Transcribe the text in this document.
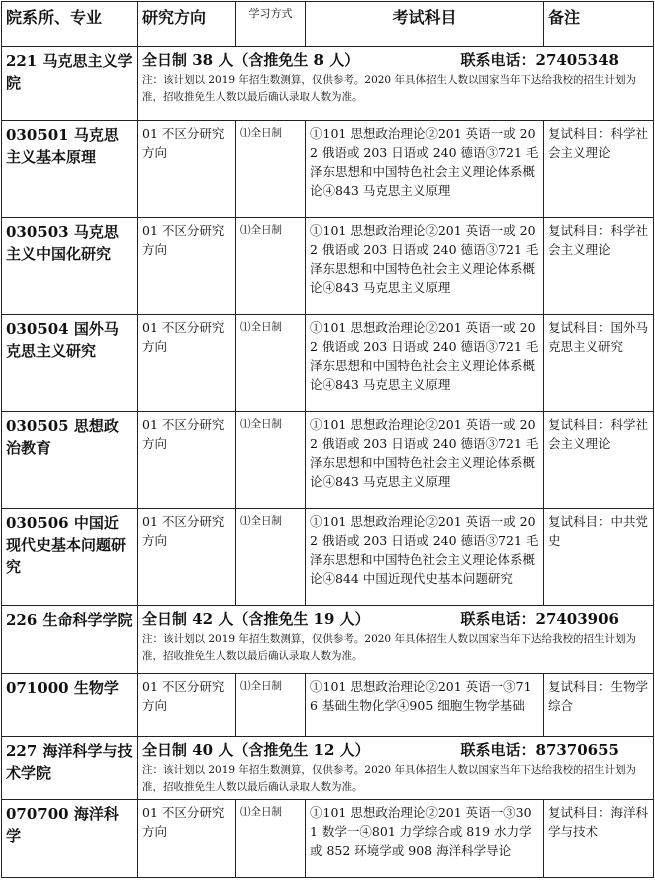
院系所、专业	研究方向	学习方式	考试科目	备注
221 马克思主义学院	全日制 38 人（含推免生 8 人） 联系电话：27405348
注：该计划以 2019 年招生数测算，仅供参考。2020 年具体招生人数以国家当年下达给我校的招生计划为准，招收推免生人数以最后确认录取人数为准。			

030501 马克思主义基本原理	01 不区分研究方向	⑴全日制	①101 思想政治理论②201 英语一或 202 俄语或 203 日语或 240 德语③721 毛泽东思想和中国特色社会主义理论体系概论④843 马克思主义原理	复试科目：科学社会主义理论
030503 马克思主义中国化研究	01 不区分研究方向	⑴全日制	①101 思想政治理论②201 英语一或 202 俄语或 203 日语或 240 德语③721 毛泽东思想和中国特色社会主义理论体系概论④843 马克思主义原理	复试科目：科学社会主义理论
030504 国外马克思主义研究	01 不区分研究方向	⑴全日制	①101 思想政治理论②201 英语一或 202 俄语或 203 日语或 240 德语③721 毛泽东思想和中国特色社会主义理论体系概论④843 马克思主义原理	复试科目：国外马克思主义研究
030505 思想政治教育	01 不区分研究方向	⑴全日制	①101 思想政治理论②201 英语一或 202 俄语或 203 日语或 240 德语③721 毛泽东思想和中国特色社会主义理论体系概论④843 马克思主义原理	复试科目：科学社会主义理论
030506 中国近现代史基本问题研究	01 不区分研究方向	⑴全日制	①101 思想政治理论②201 英语一或 202 俄语或 203 日语或 240 德语③721 毛泽东思想和中国特色社会主义理论体系概论④844 中国近现代史基本问题研究	复试科目：中共党史
226 生命科学学院	全日制 42 人（含推免生 19 人） 联系电话：27403906
注：该计划以 2019 年招生数测算，仅供参考。2020 年具体招生人数以国家当年下达给我校的招生计划为准，招收推免生人数以最后确认录取人数为准。			

071000 生物学	01 不区分研究方向	⑴全日制	①101 思想政治理论②201 英语一③716 基础生物化学④905 细胞生物学基础	复试科目：生物学综合
227 海洋科学与技术学院	全日制 40 人（含推免生 12 人） 联系电话：87370655
注：该计划以 2019 年招生数测算，仅供参考。2020 年具体招生人数以国家当年下达给我校的招生计划为准，招收推免生人数以最后确认录取人数为准。			

070700 海洋科学	01 不区分研究方向	⑴全日制	①101 思想政治理论②201 英语一③301 数学一④801 力学综合或 819 水力学或 852 环境学或 908 海洋科学导论	复试科目：海洋科学与技术
